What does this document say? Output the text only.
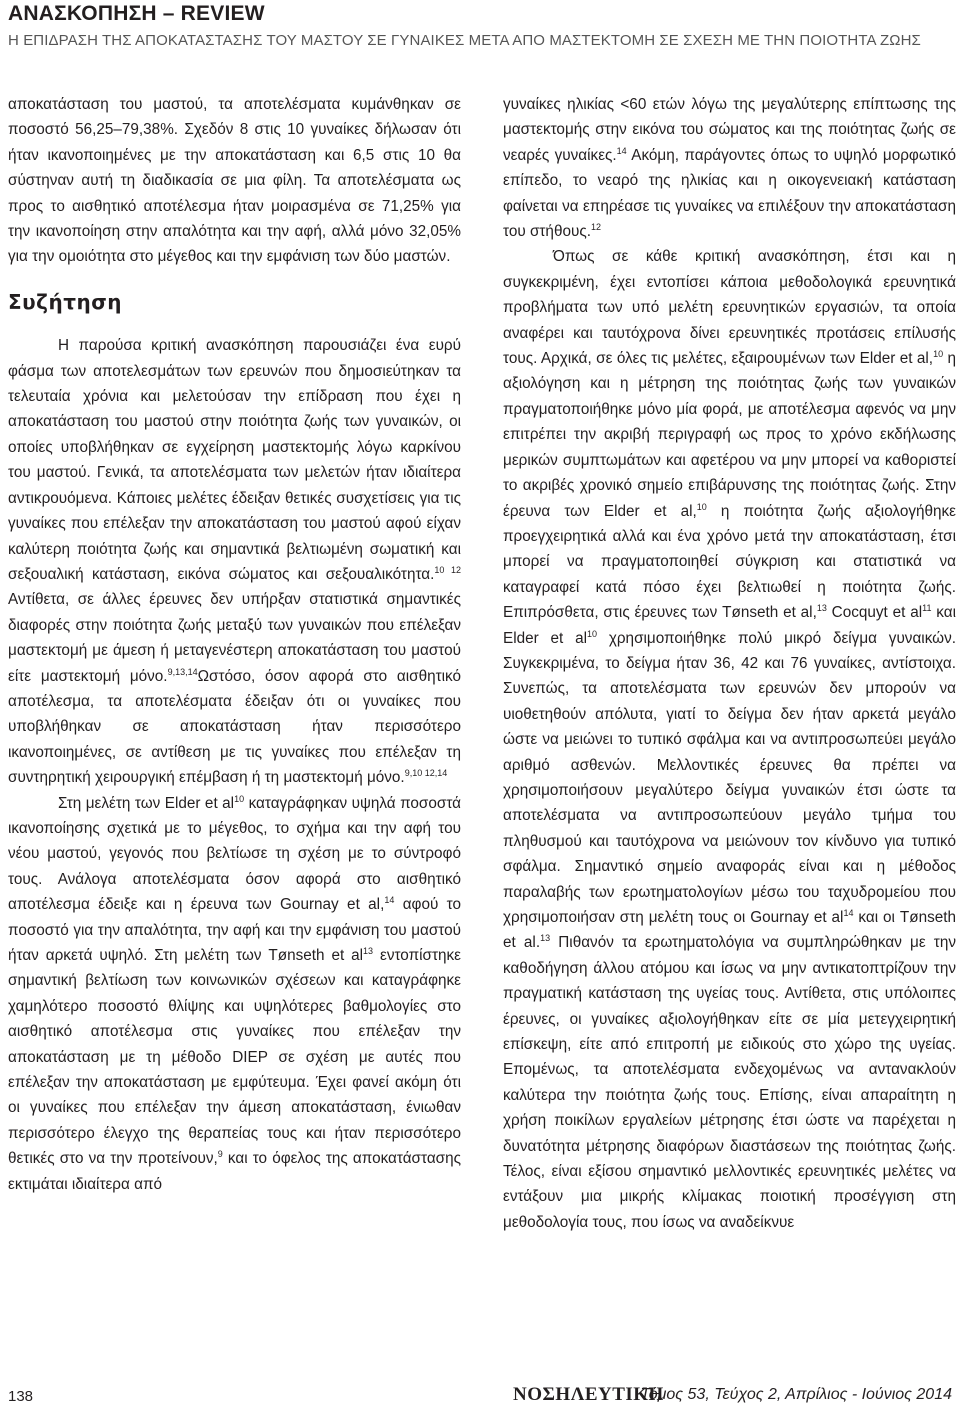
ΑΝΑΣΚΟΠΗΣΗ – REVIEW
Η ΕΠΙΔΡΑΣΗ ΤΗΣ ΑΠΟΚΑΤΑΣΤΑΣΗΣ ΤΟΥ ΜΑΣΤΟΥ ΣΕ ΓΥΝΑΙΚΕΣ ΜΕΤΑ ΑΠΟ ΜΑΣΤΕΚΤΟΜΗ ΣΕ ΣΧΕΣΗ ΜΕ ΤΗΝ ΠΟΙΟΤΗΤΑ ΖΩΗΣ

αποκατάσταση του μαστού, τα αποτελέσματα κυμάνθηκαν σε ποσοστό 56,25–79,38%. Σχεδόν 8 στις 10 γυναίκες δήλωσαν ότι ήταν ικανοποιημένες με την αποκατάσταση και 6,5 στις 10 θα σύστηναν αυτή τη διαδικασία σε μια φίλη. Τα αποτελέσματα ως προς το αισθητικό αποτέλεσμα ήταν μοιρασμένα σε 71,25% για την ικανοποίηση στην απαλότητα και την αφή, αλλά μόνο 32,05% για την ομοιότητα στο μέγεθος και την εμφάνιση των δύο μαστών.

Συζήτηση

Η παρούσα κριτική ανασκόπηση παρουσιάζει ένα ευρύ φάσμα των αποτελεσμάτων των ερευνών που δημοσιεύτηκαν τα τελευταία χρόνια και μελετούσαν την επίδραση που έχει η αποκατάσταση του μαστού στην ποιότητα ζωής των γυναικών, οι οποίες υποβλήθηκαν σε εγχείρηση μαστεκτομής λόγω καρκίνου του μαστού. Γενικά, τα αποτελέσματα των μελετών ήταν ιδιαίτερα αντικρουόμενα. Κάποιες μελέτες έδειξαν θετικές συσχετίσεις για τις γυναίκες που επέλεξαν την αποκατάσταση του μαστού αφού είχαν καλύτερη ποιότητα ζωής και σημαντικά βελτιωμένη σωματική και σεξουαλική κατάσταση, εικόνα σώματος και σεξουαλικότητα.$^{10 12}$ Αντίθετα, σε άλλες έρευνες δεν υπήρξαν στατιστικά σημαντικές διαφορές στην ποιότητα ζωής μεταξύ των γυναικών που επέλεξαν μαστεκτομή με άμεση ή μεταγενέστερη αποκατάσταση του μαστού είτε μαστεκτομή μόνο.$^{9,13,14}$Ωστόσο, όσον αφορά στο αισθητικό αποτέλεσμα, τα αποτελέσματα έδειξαν ότι οι γυναίκες που υποβλήθηκαν σε αποκατάσταση ήταν περισσότερο ικανοποιημένες, σε αντίθεση με τις γυναίκες που επέλεξαν τη συντηρητική χειρουργική επέμβαση ή τη μαστεκτομή μόνο.$^{9,10 12,14}$

Στη μελέτη των Elder et $al^{10}$ καταγράφηκαν υψηλά ποσοστά ικανοποίησης σχετικά με το μέγεθος, το σχήμα και την αφή του νέου μαστού, γεγονός που βελτίωσε τη σχέση με το σύντροφό τους. Ανάλογα αποτελέσματα όσον αφορά στο αισθητικό αποτέλεσμα έδειξε και η έρευνα των Gournay et al,$^{14}$ αφού το ποσοστό για την απαλότητα, την αφή και την εμφάνιση του μαστού ήταν αρκετά υψηλό. Στη μελέτη των Tønseth et $al^{13}$ εντοπίστηκε σημαντική βελτίωση των κοινωνικών σχέσεων και καταγράφηκε χαμηλότερο ποσοστό θλίψης και υψηλότερες βαθμολογίες στο αισθητικό αποτέλεσμα στις γυναίκες που επέλεξαν την αποκατάσταση με τη μέθοδο DIEP σε σχέση με αυτές που επέλεξαν την αποκατάσταση με εμφύτευμα. Έχει φανεί ακόμη ότι οι γυναίκες που επέλεξαν την άμεση αποκατάσταση, ένιωθαν περισσότερο έλεγχο της θεραπείας τους και ήταν περισσότερο θετικές στο να την προτείνουν,$^9$ και το όφελος της αποκατάστασης εκτιμάται ιδιαίτερα από

γυναίκες ηλικίας <60 ετών λόγω της μεγαλύτερης επίπτωσης της μαστεκτομής στην εικόνα του σώματος και της ποιότητας ζωής σε νεαρές γυναίκες.$^{14}$ Ακόμη, παράγοντες όπως το υψηλό μορφωτικό επίπεδο, το νεαρό της ηλικίας και η οικογενειακή κατάσταση φαίνεται να επηρέασε τις γυναίκες να επιλέξουν την αποκατάσταση του στήθους.$^{12}$

Όπως σε κάθε κριτική ανασκόπηση, έτσι και η συγκεκριμένη, έχει εντοπίσει κάποια μεθοδολογικά ερευνητικά προβλήματα των υπό μελέτη ερευνητικών εργασιών, τα οποία αναφέρει και ταυτόχρονα δίνει ερευνητικές προτάσεις επίλυσής τους. Αρχικά, σε όλες τις μελέτες, εξαιρουμένων των Elder et al,$^{10}$ η αξιολόγηση και η μέτρηση της ποιότητας ζωής των γυναικών πραγματοποιήθηκε μόνο μία φορά, με αποτέλεσμα αφενός να μην επιτρέπει την ακριβή περιγραφή ως προς το χρόνο εκδήλωσης μερικών συμπτωμάτων και αφετέρου να μην μπορεί να καθοριστεί το ακριβές χρονικό σημείο επιβάρυνσης της ποιότητας ζωής. Στην έρευνα των Elder et al,$^{10}$ η ποιότητα ζωής αξιολογήθηκε προεγχειρητικά αλλά και ένα χρόνο μετά την αποκατάσταση, έτσι μπορεί να πραγματοποιηθεί σύγκριση και στατιστικά να καταγραφεί κατά πόσο έχει βελτιωθεί η ποιότητα ζωής. Επιπρόσθετα, στις έρευνες των Tønseth et al,$^{13}$ Cocquyt et $al^{11}$ και Elder et $al^{10}$ χρησιμοποιήθηκε πολύ μικρό δείγμα γυναικών. Συγκεκριμένα, το δείγμα ήταν 36, 42 και 76 γυναίκες, αντίστοιχα. Συνεπώς, τα αποτελέσματα των ερευνών δεν μπορούν να υιοθετηθούν απόλυτα, γιατί το δείγμα δεν ήταν αρκετά μεγάλο ώστε να μειώνει το τυπικό σφάλμα και να αντιπροσωπεύει μεγάλο αριθμό ασθενών. Μελλοντικές έρευνες θα πρέπει να χρησιμοποιήσουν μεγαλύτερο δείγμα γυναικών έτσι ώστε τα αποτελέσματα να αντιπροσωπεύουν μεγάλο τμήμα του πληθυσμού και ταυτόχρονα να μειώνουν τον κίνδυνο για τυπικό σφάλμα. Σημαντικό σημείο αναφοράς είναι και η μέθοδος παραλαβής των ερωτηματολογίων μέσω του ταχυδρομείου που χρησιμοποιήσαν στη μελέτη τους οι Gournay et $al^{14}$ και οι Tønseth et al.$^{13}$ Πιθανόν τα ερωτηματολόγια να συμπληρώθηκαν με την καθοδήγηση άλλου ατόμου και ίσως να μην αντικατοπτρίζουν την πραγματική κατάσταση της υγείας τους. Αντίθετα, στις υπόλοιπες έρευνες, οι γυναίκες αξιολογήθηκαν είτε σε μία μετεγχειρητική επίσκεψη, είτε από επιτροπή με ειδικούς στο χώρο της υγείας. Επομένως, τα αποτελέσματα ενδεχομένως να αντανακλούν καλύτερα την ποιότητα ζωής τους. Επίσης, είναι απαραίτητη η χρήση ποικίλων εργαλείων μέτρησης έτσι ώστε να παρέχεται η δυνατότητα μέτρησης διαφόρων διαστάσεων της ποιότητας ζωής. Τέλος, είναι εξίσου σημαντικό μελλοντικές ερευνητικές μελέτες να εντάξουν μια μικρής κλίμακας ποιοτική προσέγγιση στη μεθοδολογία τους, που ίσως να αναδείκνυε

138	ΝΟΣΗΛΕΥΤΙΚΗ
Τόμος 53, Τεύχος 2, Απρίλιος - Ιούνιος 2014
